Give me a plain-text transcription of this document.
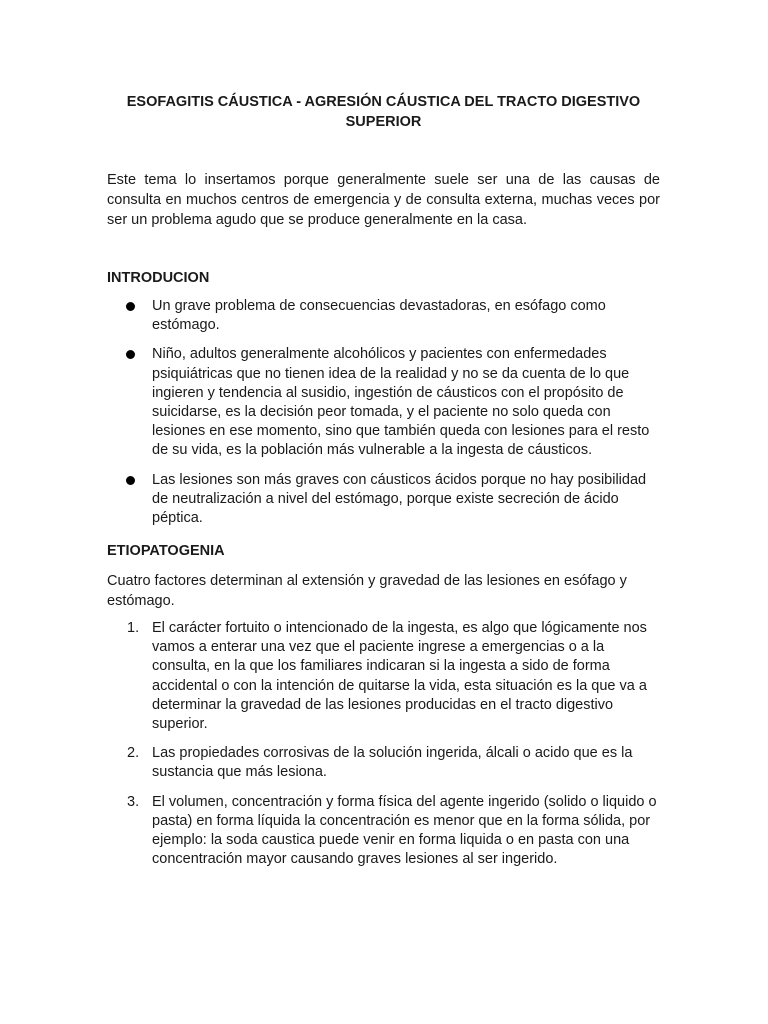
ESOFAGITIS CÁUSTICA - AGRESIÓN CÁUSTICA DEL TRACTO DIGESTIVO SUPERIOR

Este tema lo insertamos porque generalmente suele ser una de las causas de consulta en muchos centros de emergencia y de consulta externa, muchas veces por ser un problema agudo que se produce generalmente en la casa.

INTRODUCION
Un grave problema de consecuencias devastadoras, en esófago como estómago.
Niño, adultos generalmente alcohólicos y pacientes con enfermedades psiquiátricas que no tienen idea de la realidad y no se da cuenta de lo que ingieren y tendencia al susidio, ingestión de cáusticos con el propósito de suicidarse, es la decisión peor tomada, y el paciente no solo queda con lesiones en ese momento, sino que también queda con lesiones para el resto de su vida, es la población más vulnerable a la ingesta de cáusticos.
Las lesiones son más graves con cáusticos ácidos porque no hay posibilidad de neutralización a nivel del estómago, porque existe secreción de ácido péptica.
ETIOPATOGENIA

Cuatro factores determinan al extensión y gravedad de las lesiones en esófago y estómago.

1. El carácter fortuito o intencionado de la ingesta, es algo que lógicamente nos vamos a enterar una vez que el paciente ingrese a emergencias o a la consulta, en la que los familiares indicaran si la ingesta a sido de forma accidental o con la intención de quitarse la vida, esta situación es la que va a determinar la gravedad de las lesiones producidas en el tracto digestivo superior.
2. Las propiedades corrosivas de la solución ingerida, álcali o acido que es la sustancia que más lesiona.
3. El volumen, concentración y forma física del agente ingerido (solido o liquido o pasta) en forma líquida la concentración es menor que en la forma sólida, por ejemplo: la soda caustica puede venir en forma liquida o en pasta con una concentración mayor causando graves lesiones al ser ingerido.
